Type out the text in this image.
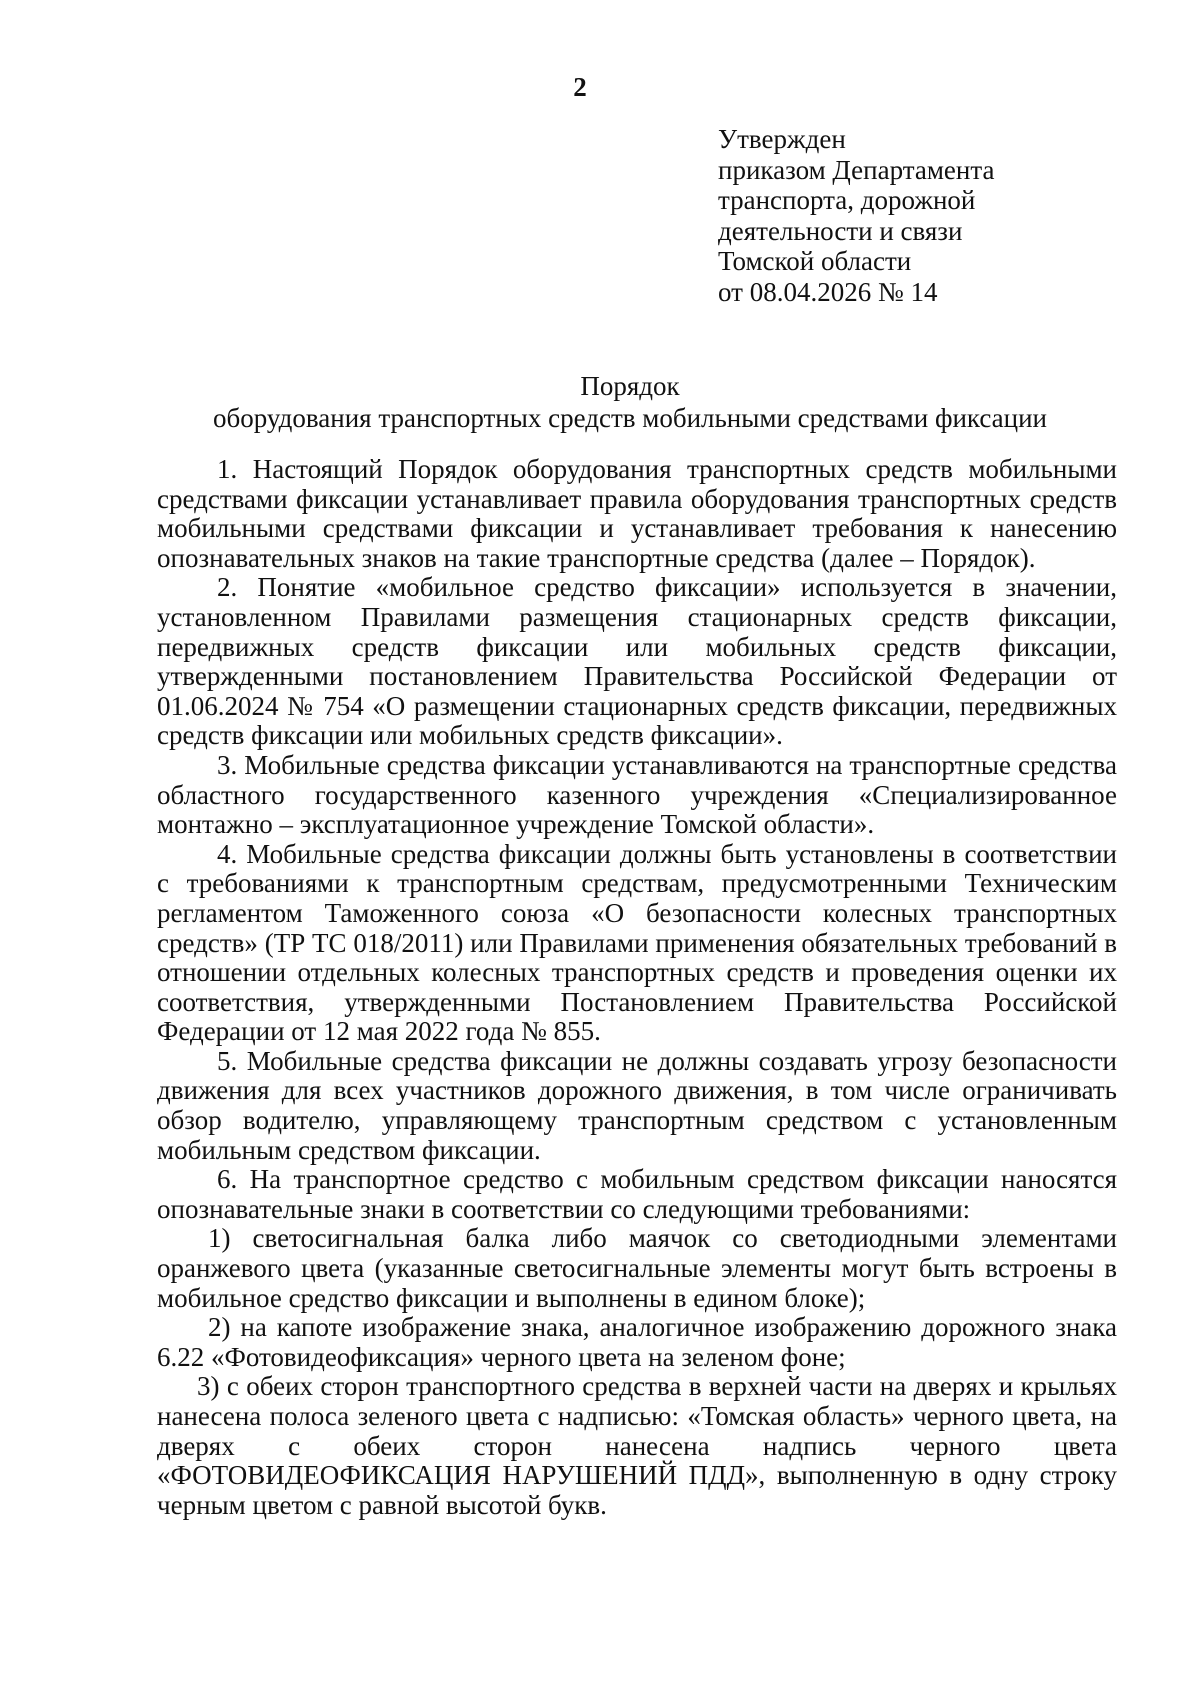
2

Утвержден
приказом Департамента
транспорта, дорожной
деятельности и связи
Томской области
от 08.04.2026 № 14
Порядок
оборудования транспортных средств мобильными средствами фиксации

1. Настоящий Порядок оборудования транспортных средств мобильными средствами фиксации устанавливает правила оборудования транспортных средств мобильными средствами фиксации и устанавливает требования к нанесению опознавательных знаков на такие транспортные средства (далее – Порядок).

2. Понятие «мобильное средство фиксации» используется в значении, установленном Правилами размещения стационарных средств фиксации, передвижных средств фиксации или мобильных средств фиксации, утвержденными постановлением Правительства Российской Федерации от 01.06.2024 № 754 «О размещении стационарных средств фиксации, передвижных средств фиксации или мобильных средств фиксации».

3. Мобильные средства фиксации устанавливаются на транспортные средства областного государственного казенного учреждения «Специализированное монтажно – эксплуатационное учреждение Томской области».

4. Мобильные средства фиксации должны быть установлены в соответствии с требованиями к транспортным средствам, предусмотренными Техническим регламентом Таможенного союза «О безопасности колесных транспортных средств» (ТР ТС 018/2011) или Правилами применения обязательных требований в отношении отдельных колесных транспортных средств и проведения оценки их соответствия, утвержденными Постановлением Правительства Российской Федерации от 12 мая 2022 года № 855.

5. Мобильные средства фиксации не должны создавать угрозу безопасности движения для всех участников дорожного движения, в том числе ограничивать обзор водителю, управляющему транспортным средством с установленным мобильным средством фиксации.

6. На транспортное средство с мобильным средством фиксации наносятся опознавательные знаки в соответствии со следующими требованиями:

1) светосигнальная балка либо маячок со светодиодными элементами оранжевого цвета (указанные светосигнальные элементы могут быть встроены в мобильное средство фиксации и выполнены в едином блоке);

2) на капоте изображение знака, аналогичное изображению дорожного знака 6.22 «Фотовидеофиксация» черного цвета на зеленом фоне;

3) с обеих сторон транспортного средства в верхней части на дверях и крыльях нанесена полоса зеленого цвета с надписью: «Томская область» черного цвета, на дверях с обеих сторон нанесена надпись черного цвета «ФОТОВИДЕОФИКСАЦИЯ НАРУШЕНИЙ ПДД», выполненную в одну строку черным цветом с равной высотой букв.
